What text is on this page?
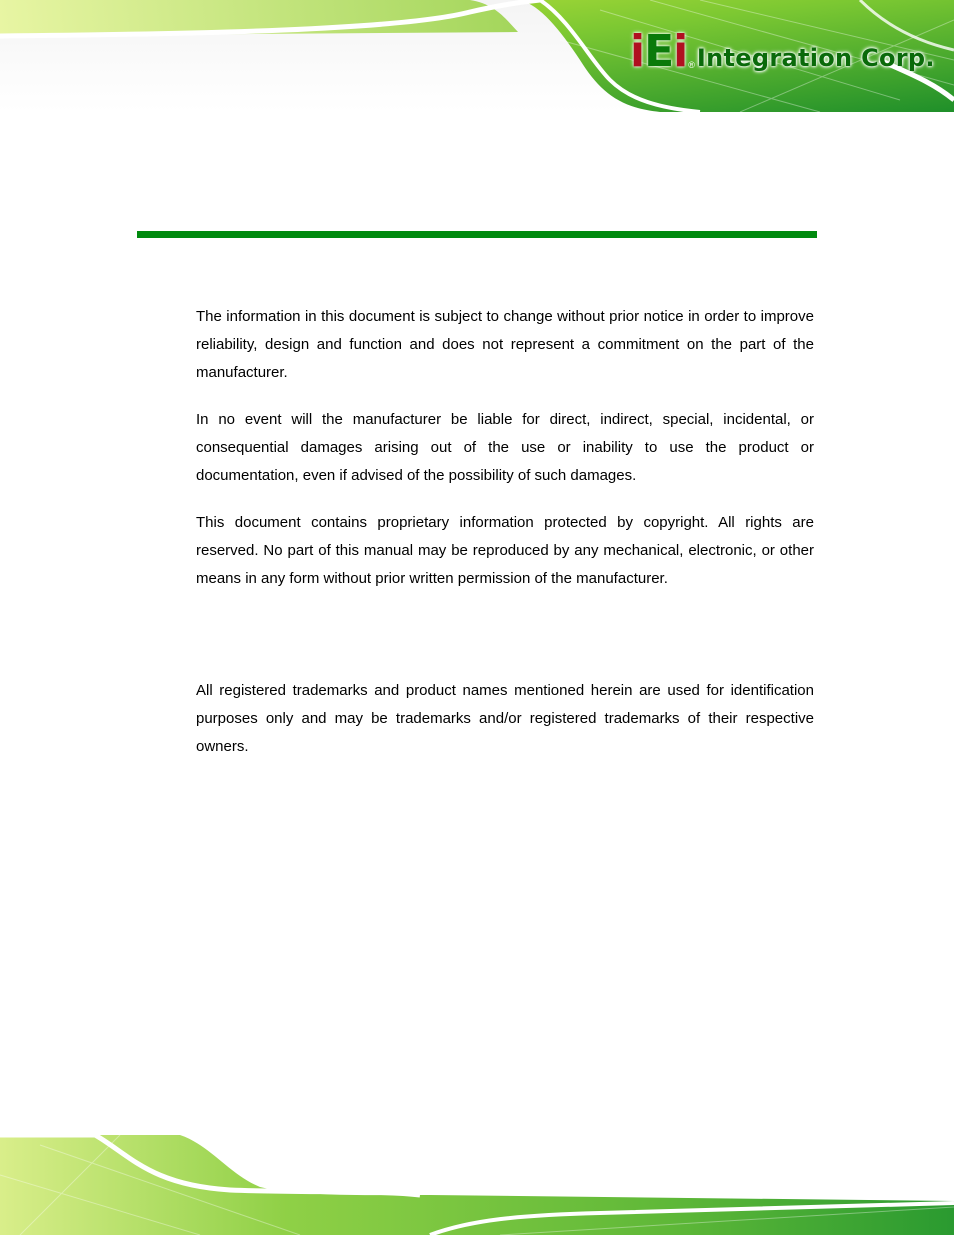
iEi ® Integration Corp.

The information in this document is subject to change without prior notice in order to improve reliability, design and function and does not represent a commitment on the part of the manufacturer.

In no event will the manufacturer be liable for direct, indirect, special, incidental, or consequential damages arising out of the use or inability to use the product or documentation, even if advised of the possibility of such damages.

This document contains proprietary information protected by copyright. All rights are reserved. No part of this manual may be reproduced by any mechanical, electronic, or other means in any form without prior written permission of the manufacturer.

All registered trademarks and product names mentioned herein are used for identification purposes only and may be trademarks and/or registered trademarks of their respective owners.
